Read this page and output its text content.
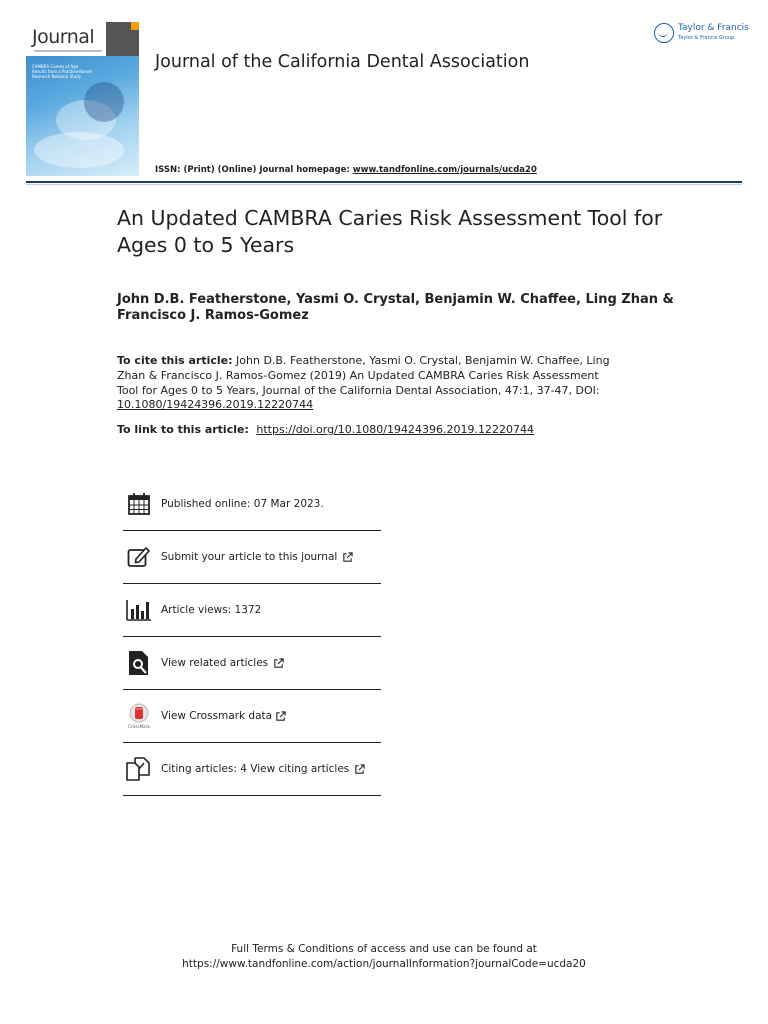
Journal
CAMBRA Comes of Age Results from a Practice-Based Research Network Study
Journal of the California Dental Association
ISSN: (Print) (Online) Journal homepage: www.tandfonline.com/journals/ucda20
Taylor & Francis
Taylor & Francis Group
An Updated CAMBRA Caries Risk Assessment Tool for Ages 0 to 5 Years
John D.B. Featherstone, Yasmi O. Crystal, Benjamin W. Chaffee, Ling Zhan & Francisco J. Ramos-Gomez
To cite this article: John D.B. Featherstone, Yasmi O. Crystal, Benjamin W. Chaffee, Ling Zhan & Francisco J. Ramos-Gomez (2019) An Updated CAMBRA Caries Risk Assessment Tool for Ages 0 to 5 Years, Journal of the California Dental Association, 47:1, 37-47, DOI: 10.1080/19424396.2019.12220744
To link to this article: https://doi.org/10.1080/19424396.2019.12220744
Published online: 07 Mar 2023.
Submit your article to this journal
Article views: 1372
View related articles
CrossMark
View Crossmark data
Citing articles: 4 View citing articles
Full Terms & Conditions of access and use can be found at
https://www.tandfonline.com/action/journalInformation?journalCode=ucda20
